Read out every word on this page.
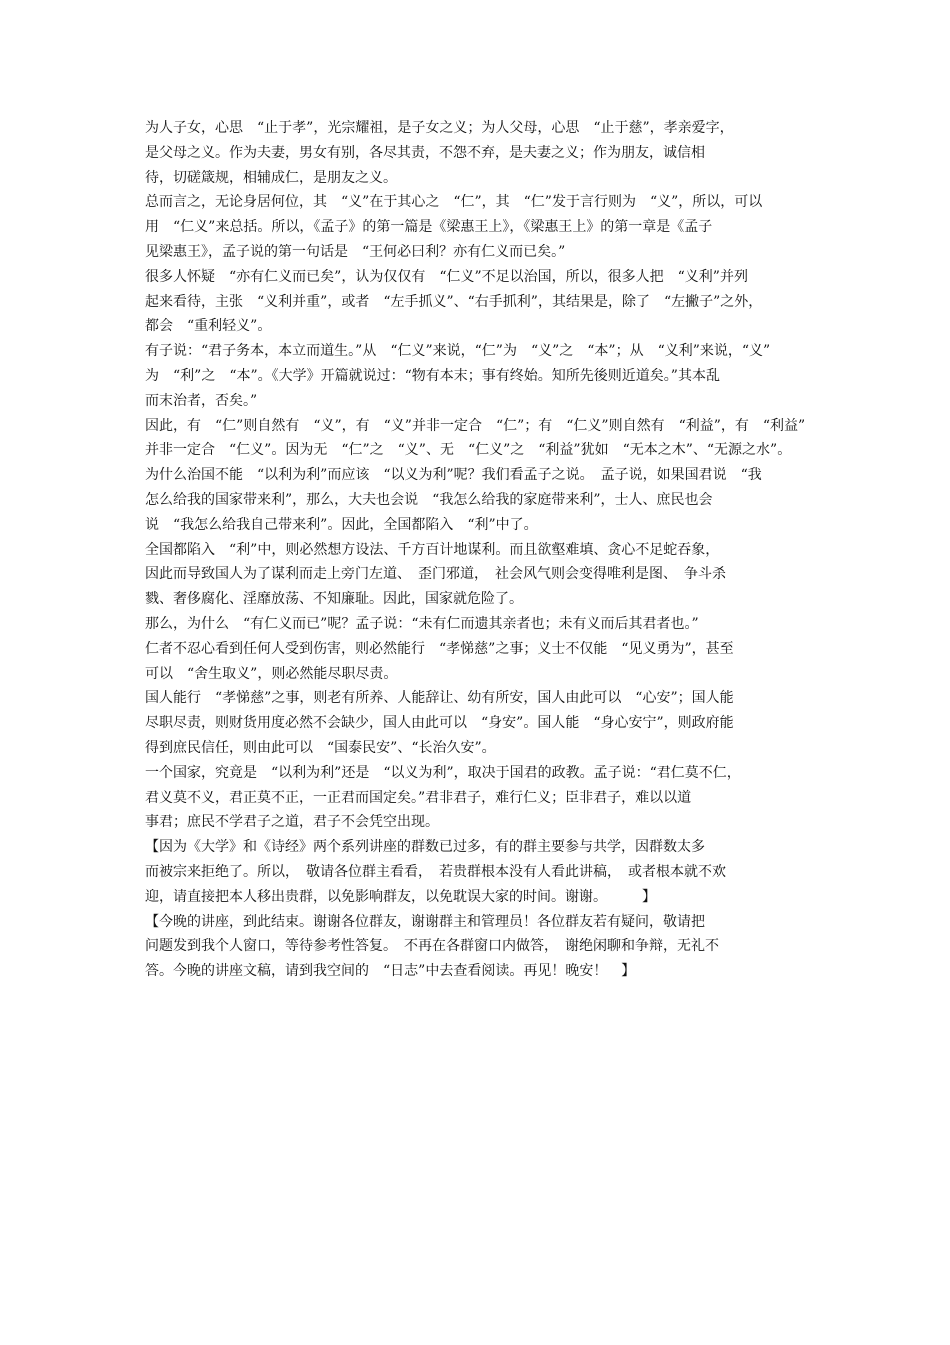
为人子女，心思　“止于孝”，光宗耀祖，是子女之义；为人父母，心思　“止于慈”，孝亲爱字，
是父母之义。作为夫妻，男女有别，各尽其责，不怨不弃，是夫妻之义；作为朋友，诚信相
待，切磋箴规，相辅成仁，是朋友之义。
总而言之，无论身居何位，其　“义”在于其心之　“仁”，其　“仁”发于言行则为　“义”，所以，可以
用　“仁义”来总括。所以，《孟子》的第一篇是《梁惠王上》，《梁惠王上》的第一章是《孟子
见梁惠王》，孟子说的第一句话是　“王何必曰利？亦有仁义而已矣。”
很多人怀疑　“亦有仁义而已矣”，认为仅仅有　“仁义”不足以治国，所以，很多人把　“义利”并列
起来看待，主张　“义利并重”，或者　“左手抓义”、“右手抓利”，其结果是，除了　“左撇子”之外，
都会　“重利轻义”。
有子说：“君子务本，本立而道生。”从　“仁义”来说，“仁”为　“义”之　“本”；从　“义利”来说，“义”
为　“利”之　“本”。《大学》开篇就说过：“物有本末；事有终始。知所先後则近道矣。”其本乱
而末治者，否矣。”
因此，有　“仁”则自然有　“义”，有　“义”并非一定合　“仁”；有　“仁义”则自然有　“利益”，有　“利益”
并非一定合　“仁义”。因为无　“仁”之　“义”、无　“仁义”之　“利益”犹如　“无本之木”、“无源之水”。
为什么治国不能　“以利为利”而应该　“以义为利”呢？我们看孟子之说。　孟子说，如果国君说　“我
怎么给我的国家带来利”，那么，大夫也会说　“我怎么给我的家庭带来利”，士人、庶民也会
说　“我怎么给我自己带来利”。因此，全国都陷入　“利”中了。
全国都陷入　“利”中，则必然想方设法、千方百计地谋利。而且欲壑难填、贪心不足蛇吞象，
因此而导致国人为了谋利而走上旁门左道、　歪门邪道，　社会风气则会变得唯利是图、　争斗杀
戮、奢侈腐化、淫靡放荡、不知廉耻。因此，国家就危险了。
那么，为什么　“有仁义而已”呢？孟子说：“未有仁而遗其亲者也；未有义而后其君者也。”
仁者不忍心看到任何人受到伤害，则必然能行　“孝悌慈”之事；义士不仅能　“见义勇为”，甚至
可以　“舍生取义”，则必然能尽职尽责。
国人能行　“孝悌慈”之事，则老有所养、人能辞让、幼有所安，国人由此可以　“心安”；国人能
尽职尽责，则财货用度必然不会缺少，国人由此可以　“身安”。国人能　“身心安宁”，则政府能
得到庶民信任，则由此可以　“国泰民安”、“长治久安”。
一个国家，究竟是　“以利为利”还是　“以义为利”，取决于国君的政教。孟子说：“君仁莫不仁，
君义莫不义，君正莫不正，一正君而国定矣。”君非君子，难行仁义；臣非君子，难以以道
事君；庶民不学君子之道，君子不会凭空出现。
【因为《大学》和《诗经》两个系列讲座的群数已过多，有的群主要参与共学，因群数太多
而被宗来拒绝了。所以，　敬请各位群主看看，　若贵群根本没有人看此讲稿，　或者根本就不欢
迎，请直接把本人移出贵群，以免影响群友，以免耽误大家的时间。谢谢。　　　】
【今晚的讲座，到此结束。谢谢各位群友，谢谢群主和管理员！各位群友若有疑问，敬请把
问题发到我个人窗口，等待参考性答复。　不再在各群窗口内做答，　谢绝闲聊和争辩，无礼不
答。今晚的讲座文稿，请到我空间的　“日志”中去查看阅读。再见！晚安！　】
